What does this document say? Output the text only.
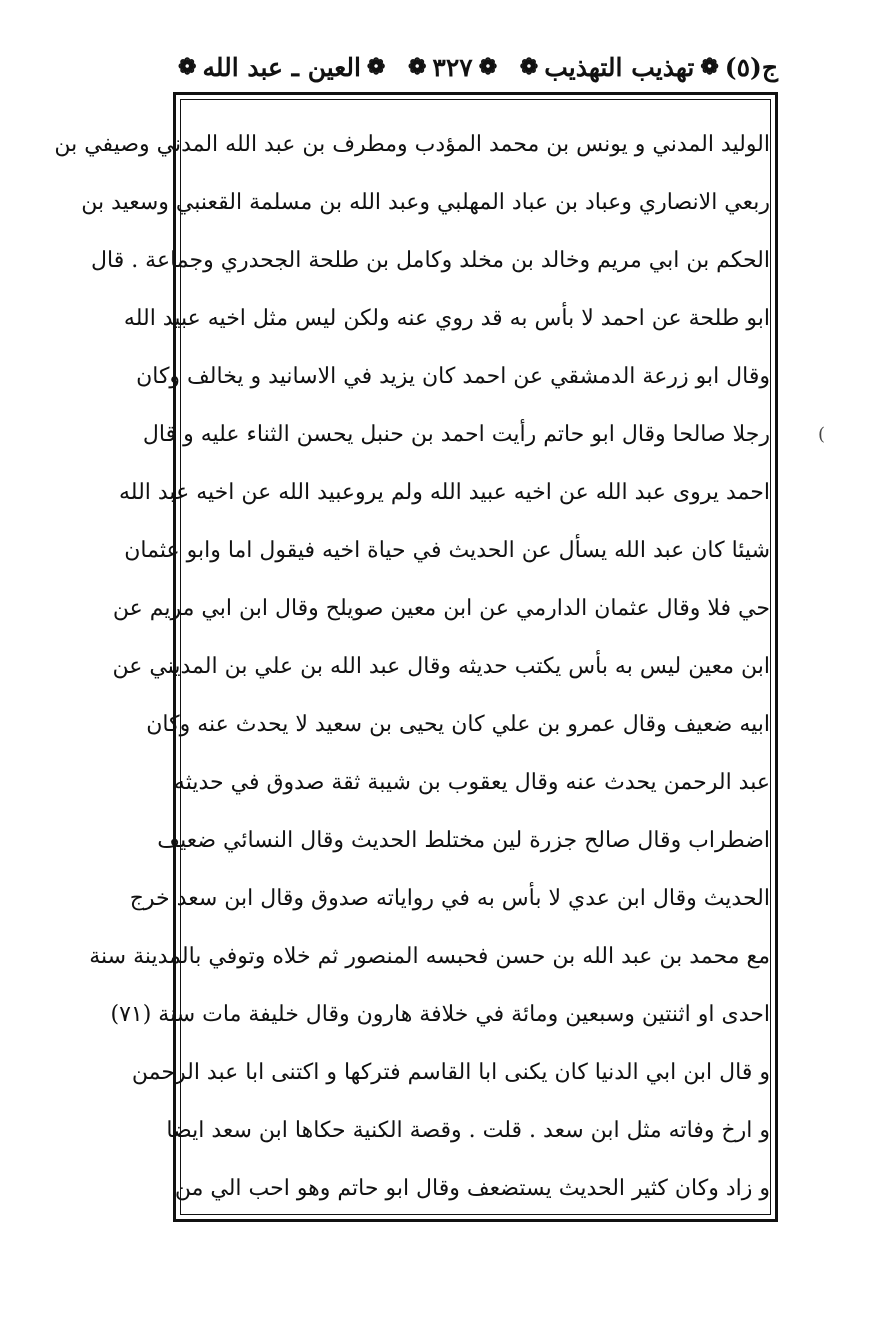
ج(٥)
❁
تهذيب التهذيب
❁
❁
٣٢٧
❁
❁
العين ـ عبد الله
❁
الوليد المدني و يونس بن محمد المؤدب ومطرف بن عبد الله المدني وصيفي بن
ربعي الانصاري وعباد بن عباد المهلبي وعبد الله بن مسلمة القعنبي وسعيد بن
الحكم بن ابي مريم وخالد بن مخلد وكامل بن طلحة الجحدري وجماعة . قال
ابو طلحة عن احمد لا بأس به قد روي عنه ولكن ليس مثل اخيه عبيد الله
وقال ابو زرعة الدمشقي عن احمد كان يزيد في الاسانيد و يخالف وكان
رجلا صالحا وقال ابو حاتم رأيت احمد بن حنبل يحسن الثناء عليه و قال
احمد يروى عبد الله عن اخيه عبيد الله ولم يروعبيد الله عن اخيه عبد الله
شيئا كان عبد الله يسأل عن الحديث في حياة اخيه فيقول اما وابو عثمان
حي فلا وقال عثمان الدارمي عن ابن معين صويلح وقال ابن ابي مريم عن
ابن معين ليس به بأس يكتب حديثه وقال عبد الله بن علي بن المديني عن
ابيه ضعيف وقال عمرو بن علي كان يحيى بن سعيد لا يحدث عنه وكان
عبد الرحمن يحدث عنه وقال يعقوب بن شيبة ثقة صدوق في حديثه
اضطراب وقال صالح جزرة لين مختلط الحديث وقال النسائي ضعيف
الحديث وقال ابن عدي لا بأس به في رواياته صدوق وقال ابن سعد خرج
مع محمد بن عبد الله بن حسن فحبسه المنصور ثم خلاه وتوفي بالمدينة سنة
احدى او اثنتين وسبعين ومائة في خلافة هارون وقال خليفة مات سنة (٧١)
و قال ابن ابي الدنيا كان يكنى ابا القاسم فتركها و اكتنى ابا عبد الرحمن
و ارخ وفاته مثل ابن سعد . قلت . وقصة الكنية حكاها ابن سعد ايضا
و زاد وكان كثير الحديث يستضعف وقال ابو حاتم وهو احب الي من
(
